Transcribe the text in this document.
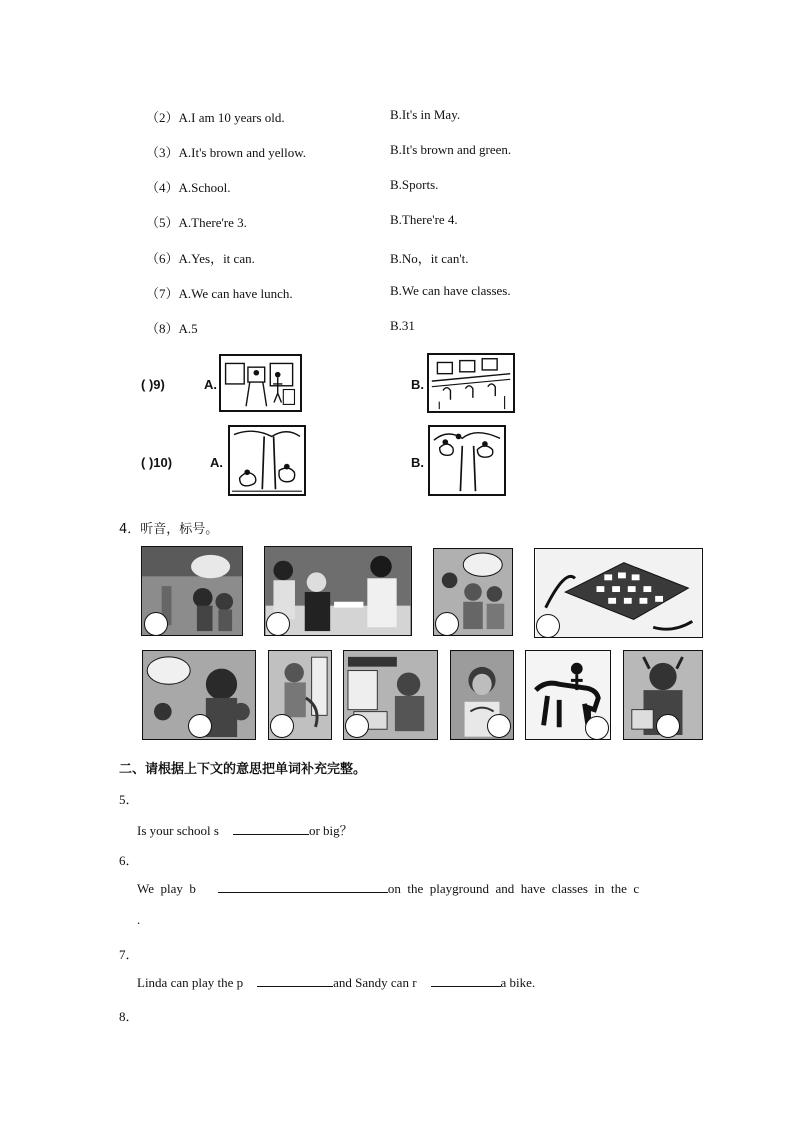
（2）A.I am 10 years old.	B.It's in May.
（3）A.It's brown and yellow.	B.It's brown and green.
（4）A.School.	B.Sports.
（5）A.There're 3.	B.There're 4.
（6）A.Yes，it can.	B.No，it can't.
（7）A.We can have lunch.	B.We can have classes.
（8）A.5	B.31
( )9)	A.	B.
( )10)	A.	B.
4．听音，标号。
二、请根据上下文的意思把单词补充完整。
5．
Is your school s	or big？
6．
We  play  b	on  the  playground  and  have  classes  in  the  c
.
7．
Linda can play the p	and Sandy can r	a bike.
8．
